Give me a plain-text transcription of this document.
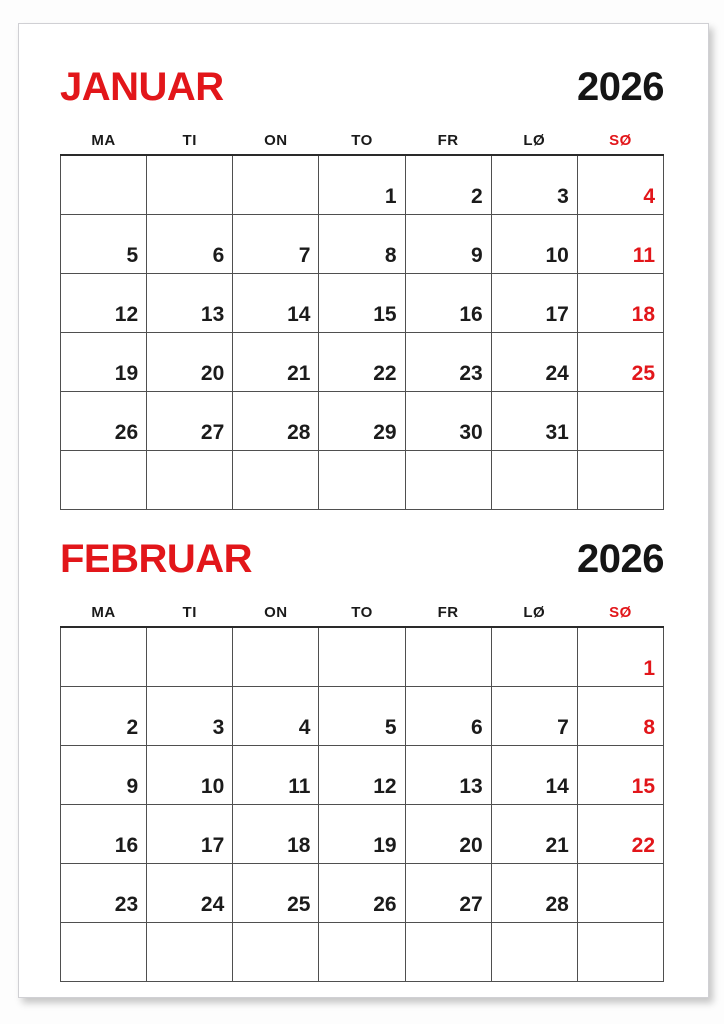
JANUAR	2026
MA	TI	ON	TO	FR	LØ	SØ
			1	2	3	4
5	6	7	8	9	10	11
12	13	14	15	16	17	18
19	20	21	22	23	24	25
26	27	28	29	30	31	

FEBRUAR	2026
MA	TI	ON	TO	FR	LØ	SØ
						1
2	3	4	5	6	7	8
9	10	11	12	13	14	15
16	17	18	19	20	21	22
23	24	25	26	27	28	
